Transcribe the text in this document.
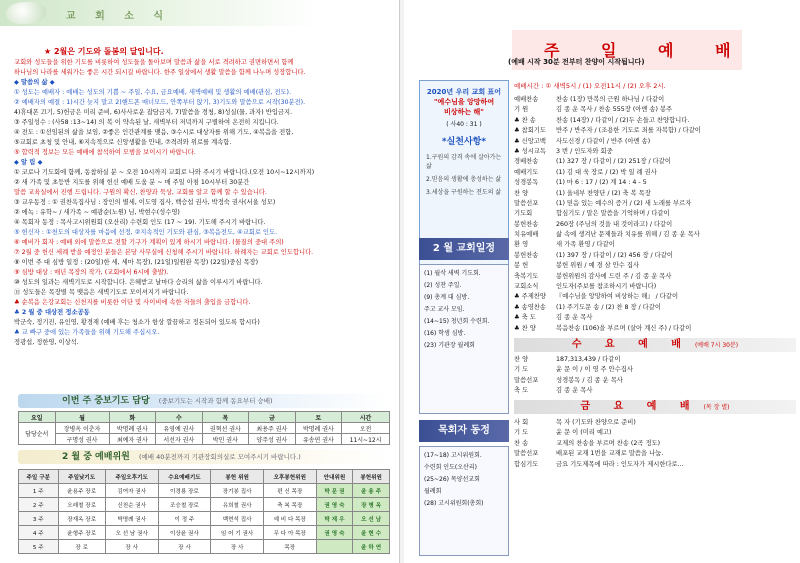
교 회 소 식
★ 2월은 기도와 돌봄의 달입니다.
교회와 성도들을 위한 기도를 비롯하여 성도들을 돌아보며 말씀과 삶을 서로 격려하고 권면하면서 함께
하나님의 나라를 세워가는 좋은 시간 되시길 바랍니다. 한주 일상에서 생활 말씀을 함께 나누며 성장합니다.
◆ 말씀의 삶 ◆
① 성도는 예배자 : 예배는 성도의 기쁨 ~ 주일, 수요, 금요예배, 새벽예배 및 생활의 예배(관심, 전도).
② 예배자의 예절 : 1)시간 늦지 말고 2)핸드폰 매너모드, 안쪽부터 앉기, 3)기도와 말씀으로 시작(30분전).
4)휴대폰 끄기, 5)헌금은 미리 준비, 6)사사로운 잡담금지, 7)말씀을 경청, 8)성실(물, 과자) 반입금지.
③ 주일성수 : (사58 :13~14) 의 복 이 약속된 날, 새벽부터 저녁까지 구별하여 온전히 지킵니다.
④ 전도 : ①선임된의 삶을 보임, ②좋은 인간관계를 맺음, ③수시로 대상자를 위해 기도, ④복음을 전함,
⑤교회로 초청 및 안내, ⑥지속적으로 신앙생활을 안내, ⑦격려와 위로를 계속함.
⑤ 합력적 정보는 모든 예배에 참석하여 모범을 보이시기 바랍니다.
◆ 알 림 ◆
① 코로나 기도회에 함께, 동참하실 분 ~ 오전 10시까지 교회로 나와 주시기 바랍니다.(오전 10시~12시까지)
② 새 가족 및 초등반 지도를 위해 헌신 예배 도움 분 ~ 매 주일 아침 10시부터 30분간
말씀 교육실에서 진행 드립니다. 구원의 확신, 찬양과 묵상, 교회를 알고 함께 할 수 있습니다.
③ 교우동정 : ① 권찬옥집사님 : 장인의 별세, 이도영 집사, 백승섭 권사, 박정숙 권사(서울 성모)
② 에녹 : 유학~ / 새가족 ~ 예광순(노원) 님, 박현수(성수영)
④ 목회자 동정 : 목사고시위원회 (오산리) 수련회 인도 (17 ~ 19). 기도해 주시기 바랍니다.
⑤ 헌신자 : ①천도의 대상자를 마음에 선정, ②지속적인 기도와 관심, ③복음전도, ④교회로 인도.
⑥ 예비가 회자 : 예배 외에 말씀으로 전할 기구가 계획이 있게 하시기 바랍니다. (물질의 중대 주의)
⑦ 2월 중 헌신 세례 받을 예정인 분들은 본당 사무실에 신청해 주시기 바랍니다. 하례자는 교회로 인도합니다.
⑧ 이번 주 대 심방 일정 : (20일)한 세, 세마 목장), (21일)일원완 목장) (22일)중심 목장)
⑨ 심방 대상 : 매년 목장의 작가, (교회에서 6시에 출발).
⑩ 성도의 일과는 새벽기도로 시작합니다. 은혜받고 날마다 승리의 삶을 이루시기 바랍니다.
⑪ 성도들은 목장별 목 맺음은 새벽기도로 모이셔지기 바랍니다.
♣ 순복음 은강교회는 신천지를 비롯한 이단 및 사이비에 속한 자들의 출입을 금합니다.
♣ 2 월 중 대상전 정소공동
박군숙, 정기진, 유인영, 황경재 (예배 후는 청소가 항상 깔끔하고 정돈되어 있도록 합시다)
♣ 교 빠구 중에 있는 가족들을 위해 기도해 주십시오.
정광섭, 정한영, 이상석.
이번 주 중보기도 담당 (중보기도는 시작과 함께 동요부터 숭배)
요일	월	화	수	목	금	토	시간
담당순서	장병옥 이춘자	박명례 권사	유영예 권사	권혁선 권사	최용주 권사	박명례 권사	오전
	구명성 권사	최예자 권사	서선자 권사	박민 권사	양주성 권사	유송연 권사	11시~12시
2 월 중 예배위원 (예배 40분전까지 기관장회의실로 모여주시기 바랍니다.)
주일 구분	주일낮기도	주일오후기도	수요예배기도	봉헌 위원	오후봉헌위원	안내위원	봉헌위원
1 주	윤용주 장로	김여자 권사	이경룡 장로	장기봉 집사	편 신 목장	박 문 권	윤 용 주
2 주	오래철 장로	신천순 권사	조승철 장로	유희철 권사	축 복 목장	권 영 숙	장 병 옥
3 주	장재옥 장로	박명례 권사	이 정 주	백현석 집사	예 비 다 목장	박 재 우	오 선 남
4 주	윤형주 장로	오 선 남 권사	이상윤 권사	임 어 기 권사	무 다 아 목장	권 영 숙	윤 현 수
5 주	장 로	장 사	장 사	장 사	목장		윤 하 연
주 일 예 배
(예배 시작 30분 전부터 찬양이 시작됩니다)
예배시간 : ① 새벽5시 / (1) 오전11시 / (2) 오후 2시.
2020년 우리 교회 표어
"예수님을 앙망하여
비상하는 해"
( 사40 : 31 )
*실천사항*
1.구원의 감격 속에 살아가는 삶
2.믿음의 생활에 충성하는 삶
3.세상을 구원하는 전도의 삶
2 월 교회일정
(1) 월삭 새벽 기도회.
(2) 성찬 주일.
(9) 총계 대 심방.
주고 교사 모임.
(14~15) 청년회 수련회.
(16) 학생 심방.
(23) 기관장 월례회
목회자 동정
(17~18) 고시위원회.
수련회 인도(오산리)
(25~26) 목양선교회
월례회
(28) 고시위원회(총회)
예배찬송	찬송 (1장) 만복의 근원 하나님 / 다같이
기 원	김 종 운 목사 / 찬송 555장 (아멘 송) 봉주
♣ 찬 송	찬송 (14장) / 다같이 / (2)두 손들고 찬양합니다.
♣ 참회기도	반주 / 반주자 / (조용한 기도로 죄를 자복함) / 다같이
♣ 신앙고백	사도신경 / 다같이 / 반주 (아멘 송)
♣ 성시교독	3 번 / 인도자와 회중
경배찬송	(1) 327 장 / 다같이 / (2) 251장 / 다같이
예배기도	(1) 김 대 욱 장로 / (2) 박 일 례 권사
성경봉독	(1) 마 6 : 17 / (2) 계 14 : 4 - 5
찬 양	(1) 올네부 찬양단 / (2) 축 복 목장
말씀선포	(1) 믿음 있는 예수의 증거 / (2) 새 노래를 부르자
기도회	합심기도 / 말은 말씀을 기억하며 / 다같이
봉헌찬송	260장 (주님의 것을 내 것이라고) / 다같이
치유예배	삶 속에 생겨난 문제들과 치유를 위해 / 김 종 운 목사
환 영	새 가족 환영 / 다같이
봉헌찬송	(1) 397 장 / 다같이 / (2) 456 장 / 다같이
봉 헌	봉헌 위원 / 예 경 삼 안수 집사
축복기도	봉헌위원의 감사에 드린 주 / 김 종 운 목사
교회소식	인도자(주보를 참조하시기 바랍니다)
♣ 주제찬양	『예수님을 앙망하여 비상하는 해』 / 다같이
♣ 송영찬송	(1) 주기도문 송 / (2) 찬 8 장 / 다같이
♣ 축 도	김 종 운 목사
♣ 찬 양	복음찬송 (106)을 부르며 (살아 계신 주) / 다같이
수 요 예 배 (예배 7시 30분)
찬 양	187,313,439 / 다같이
기 도	윤 문 이 / 이 영 주 안수집사
말씀선포	성경봉독 / 김 종 운 목사
축 도	김 종 운 목사
금 요 예 배 (목 장 별)
사 회	목 자 (기도와 찬양으로 준비)
기 도	윤 문 이 (미리 예고)
찬 송	교제의 찬송을 부르며 찬송 (2곡 정도)
말씀선포	배포된 교재 1번을 교재로 말씀을 나눔.
합심기도	금요 기도제목에 따라 : 인도자가 제시한다로...
